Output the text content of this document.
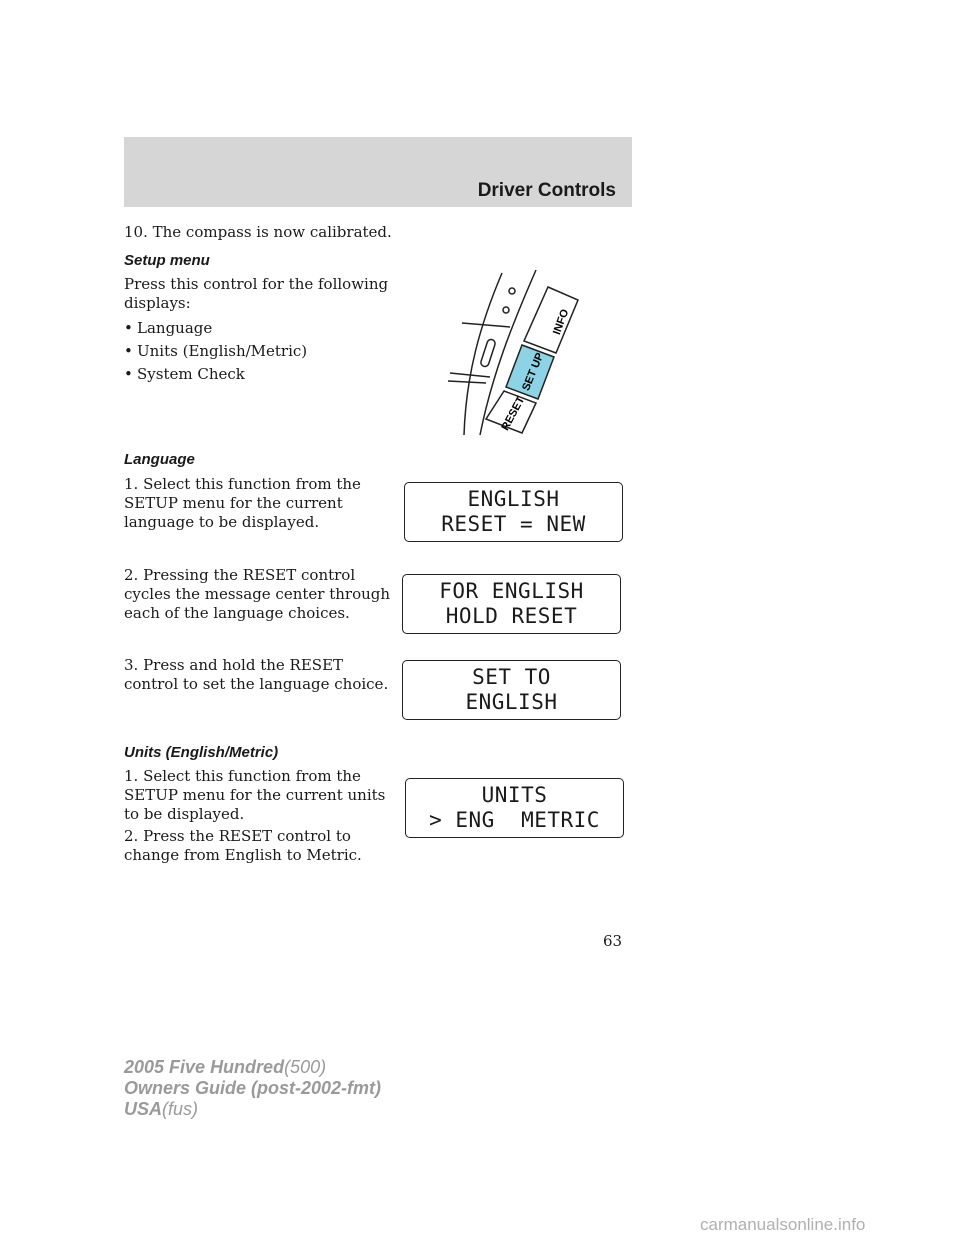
Driver Controls
10. The compass is now calibrated.
Setup menu
Press this control for the following
displays:
• Language
• Units (English/Metric)
• System Check
INFO
SET UP
RESET
Language
1. Select this function from the
SETUP menu for the current
language to be displayed.
2. Pressing the RESET control
cycles the message center through
each of the language choices.
3. Press and hold the RESET
control to set the language choice.
ENGLISH
RESET = NEW
FOR ENGLISH
HOLD RESET
SET TO
ENGLISH
Units (English/Metric)
1. Select this function from the
SETUP menu for the current units
to be displayed.
2. Press the RESET control to
change from English to Metric.
UNITS
> ENG  METRIC
63
2005 Five Hundred(500)
Owners Guide (post-2002-fmt)
USA(fus)
carmanualsonline.info
